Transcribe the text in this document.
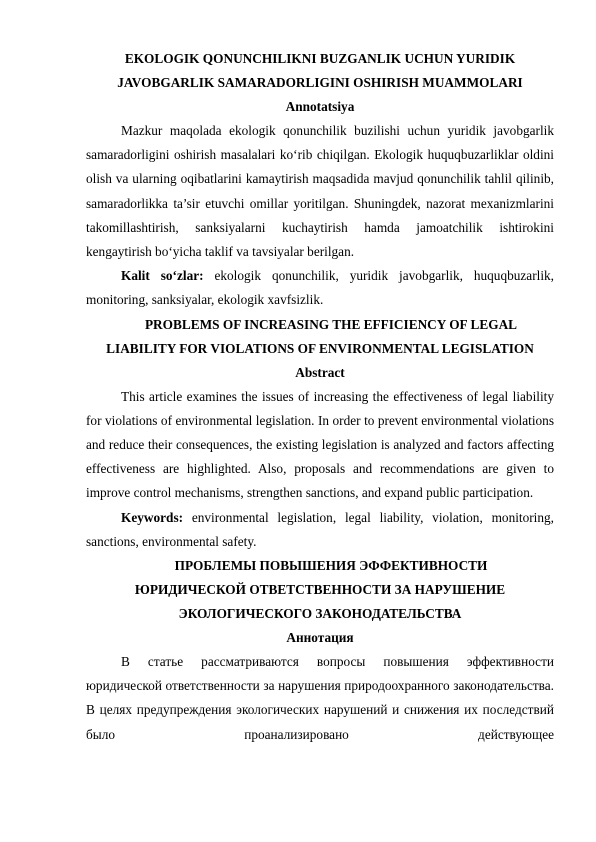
EKOLOGIK QONUNCHILIKNI BUZGANLIK UCHUN YURIDIK
JAVOBGARLIK SAMARADORLIGINI OSHIRISH MUAMMOLARI
Annotatsiya

Mazkur maqolada ekologik qonunchilik buzilishi uchun yuridik javobgarlik samaradorligini oshirish masalalari ko‘rib chiqilgan. Ekologik huquqbuzarliklar oldini olish va ularning oqibatlarini kamaytirish maqsadida mavjud qonunchilik tahlil qilinib, samaradorlikka ta’sir etuvchi omillar yoritilgan. Shuningdek, nazorat mexanizmlarini takomillashtirish, sanksiyalarni kuchaytirish hamda jamoatchilik ishtirokini kengaytirish bo‘yicha taklif va tavsiyalar berilgan.

Kalit so‘zlar: ekologik qonunchilik, yuridik javobgarlik, huquqbuzarlik, monitoring, sanksiyalar, ekologik xavfsizlik.

PROBLEMS OF INCREASING THE EFFICIENCY OF LEGAL
LIABILITY FOR VIOLATIONS OF ENVIRONMENTAL LEGISLATION
Abstract

This article examines the issues of increasing the effectiveness of legal liability for violations of environmental legislation. In order to prevent environmental violations and reduce their consequences, the existing legislation is analyzed and factors affecting effectiveness are highlighted. Also, proposals and recommendations are given to improve control mechanisms, strengthen sanctions, and expand public participation.

Keywords: environmental legislation, legal liability, violation, monitoring, sanctions, environmental safety.

ПРОБЛЕМЫ ПОВЫШЕНИЯ ЭФФЕКТИВНОСТИ
ЮРИДИЧЕСКОЙ ОТВЕТСТВЕННОСТИ ЗА НАРУШЕНИЕ
ЭКОЛОГИЧЕСКОГО ЗАКОНОДАТЕЛЬСТВА
Аннотация

В статье рассматриваются вопросы повышения эффективности юридической ответственности за нарушения природоохранного законодательства. В целях предупреждения экологических нарушений и снижения их последствий было проанализировано действующее
